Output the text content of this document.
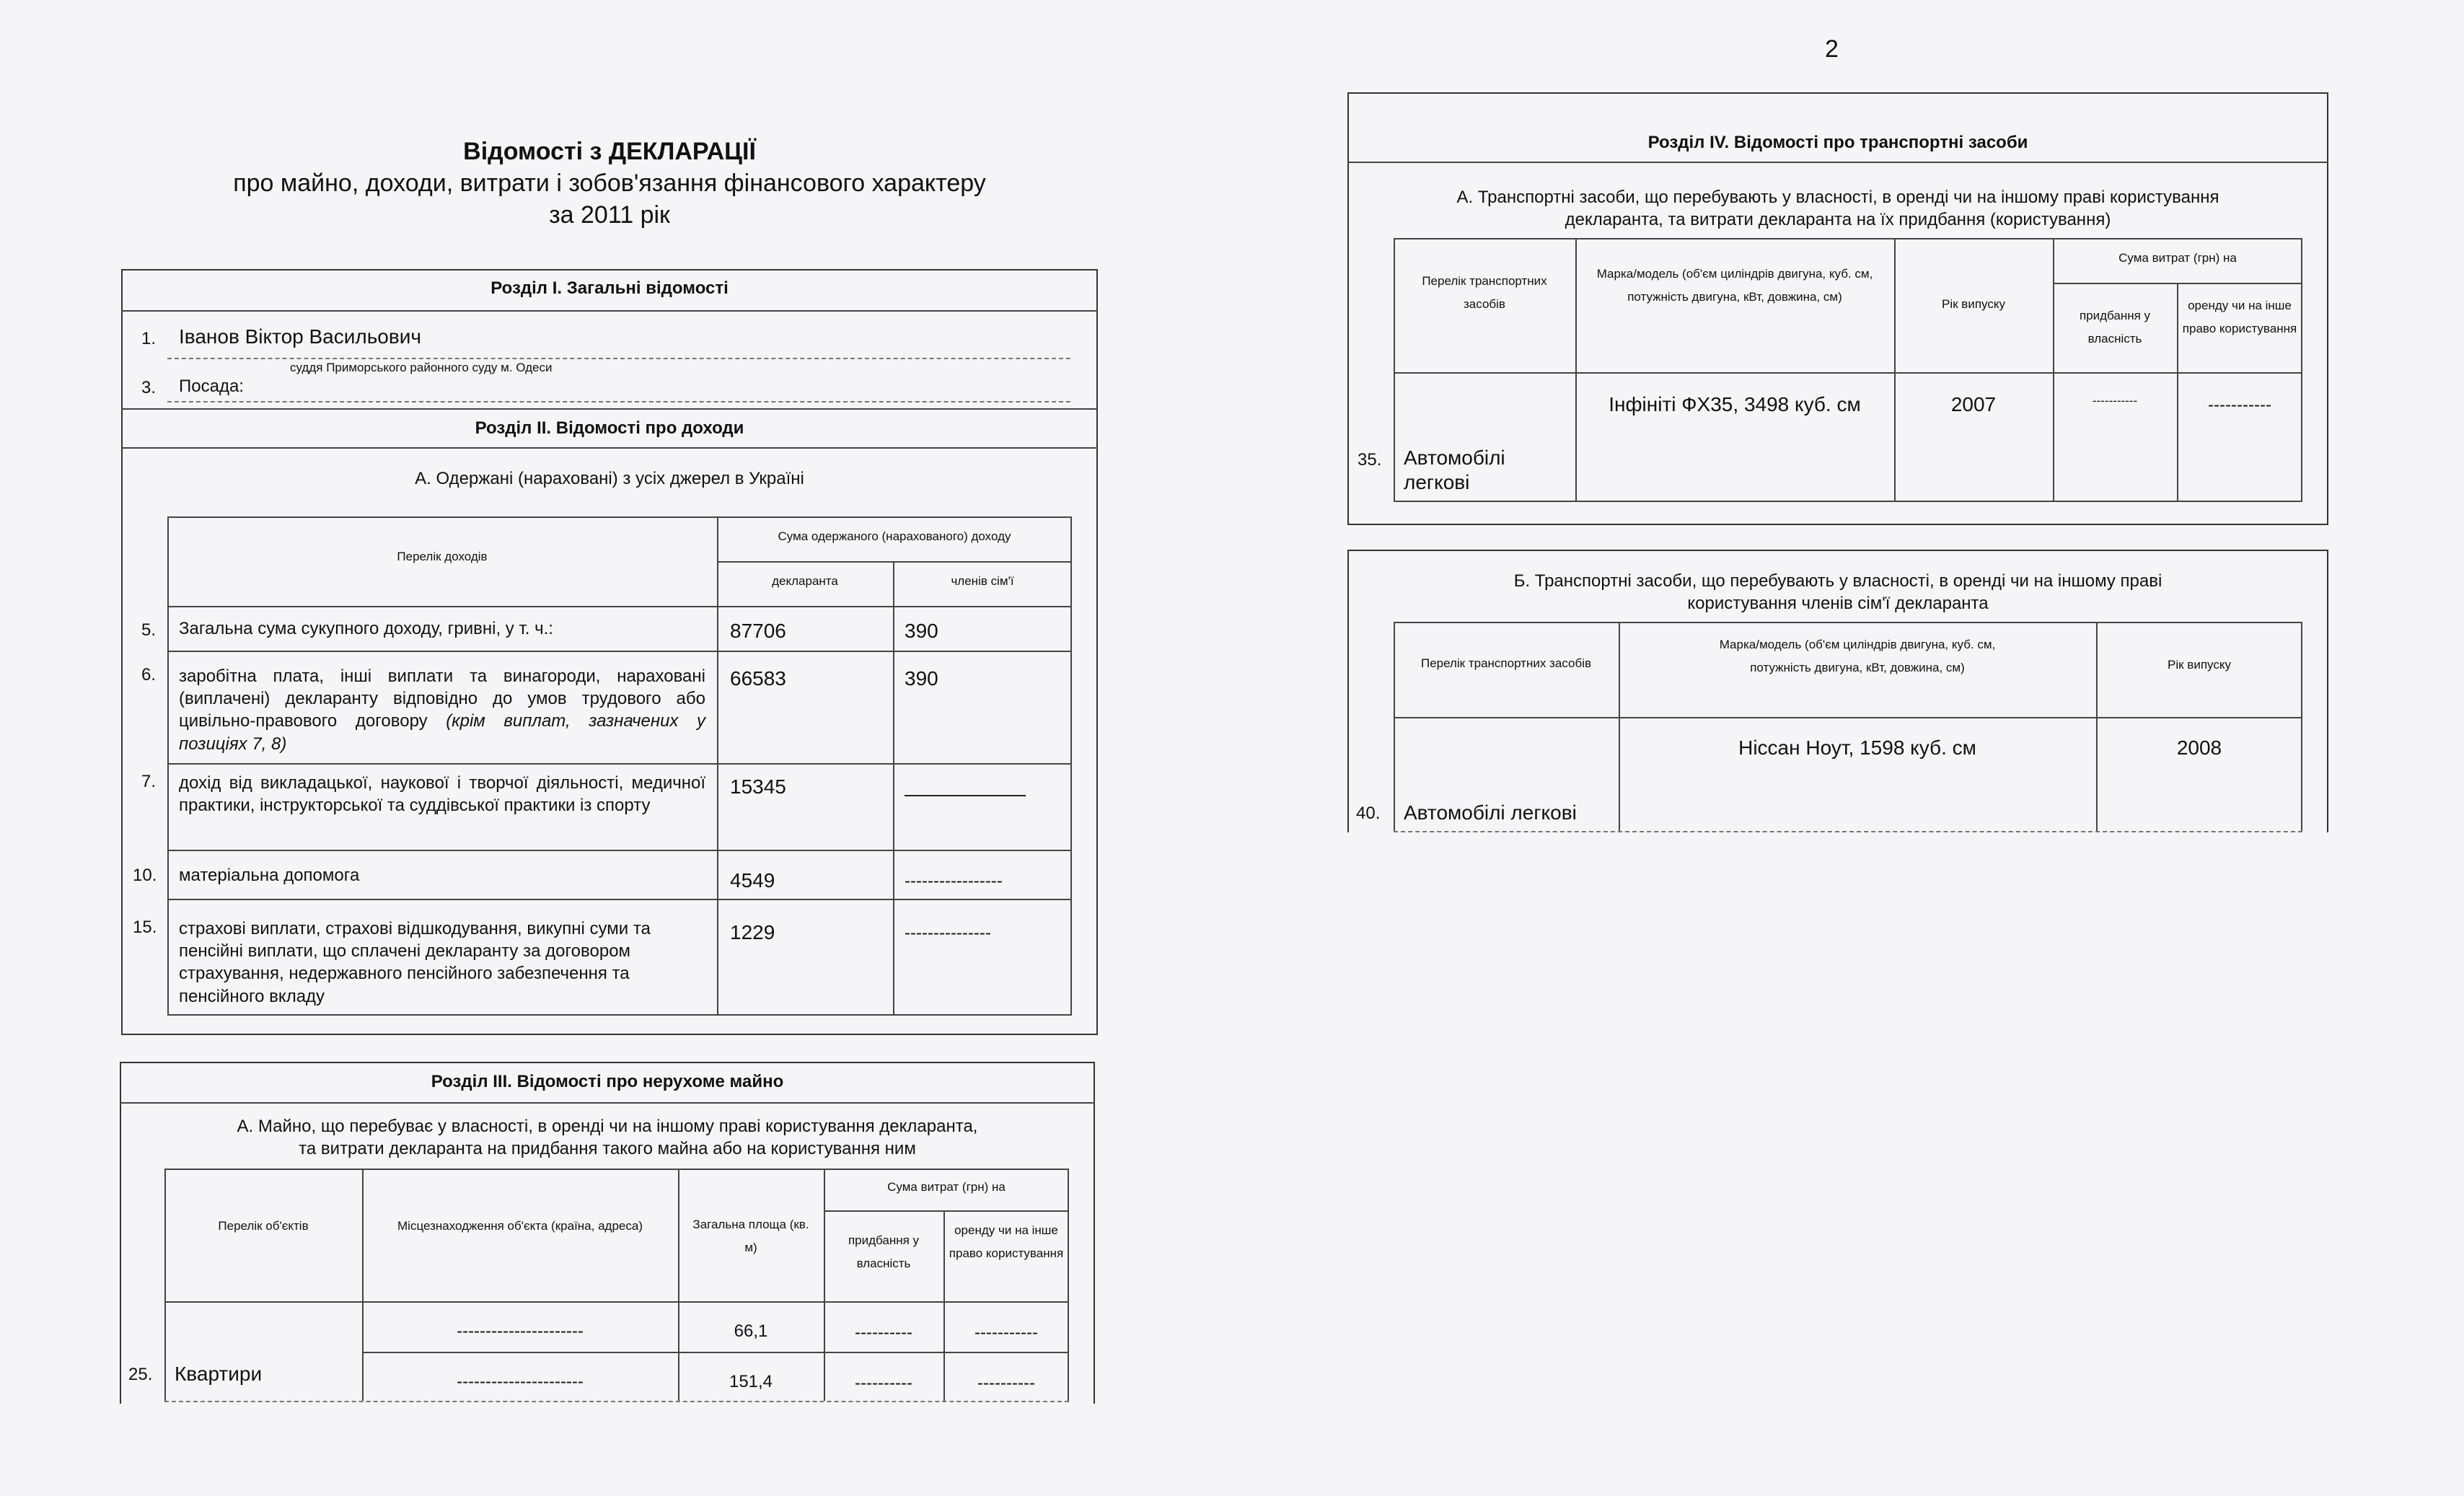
2
Відомості з ДЕКЛАРАЦІЇ
про майно, доходи, витрати і зобов'язання фінансового характеру
за 2011 рік
Розділ І. Загальні відомості
1. Іванов Віктор Васильович
суддя Приморського районного суду м. Одеси
3. Посада:
Розділ ІІ. Відомості про доходи
А. Одержані (нараховані) з усіх джерел в Україні
Перелік доходів
Сума одержаного (нарахованого) доходу
декларанта	членів сім'ї
5. Загальна сума сукупного доходу, гривні, у т. ч.:	87706	390
6. заробітна плата, інші виплати та винагороди, нараховані (виплачені) декларанту відповідно до умов трудового або цивільно-правового договору (крім виплат, зазначених у позиціях 7, 8)
66583	390
7. дохід від викладацької, наукової і творчої діяльності, медичної практики, інструкторської та суддівської практики із спорту
15345	——————
10. матеріальна допомога	4549	-----------------
15. страхові виплати, страхові відшкодування, викупні суми та пенсійні виплати, що сплачені декларанту за договором страхування, недержавного пенсійного забезпечення та пенсійного вкладу
1229	---------------
Розділ ІІІ. Відомості про нерухоме майно
А. Майно, що перебуває у власності, в оренді чи на іншому праві користування декларанта,
та витрати декларанта на придбання такого майна або на користування ним
Перелік об'єктів	Місцезнаходження об'єкта (країна, адреса)	Загальна площа (кв. м)
Сума витрат (грн) на
придбання у власність
оренду чи на інше право користування
25. Квартири
----------------------	66,1	----------	-----------
----------------------	151,4	----------	----------
Розділ IV. Відомості про транспортні засоби
А. Транспортні засоби, що перебувають у власності, в оренді чи на іншому праві користування
декларанта, та витрати декларанта на їх придбання (користування)
Перелік транспортних засобів
Марка/модель (об'єм циліндрів двигуна, куб. см, потужність двигуна, кВт, довжина, см)
Рік випуску
Сума витрат (грн) на
придбання у власність
оренду чи на інше право користування
35. Автомобілі легкові
Інфініті ФХ35, 3498 куб. см	2007	-----------	-----------
Б. Транспортні засоби, що перебувають у власності, в оренді чи на іншому праві
користування членів сім'ї декларанта
Перелік транспортних засобів
Марка/модель (об'єм циліндрів двигуна, куб. см, потужність двигуна, кВт, довжина, см)	Рік випуску
40. Автомобілі легкові
Ніссан Ноут, 1598 куб. см	2008
